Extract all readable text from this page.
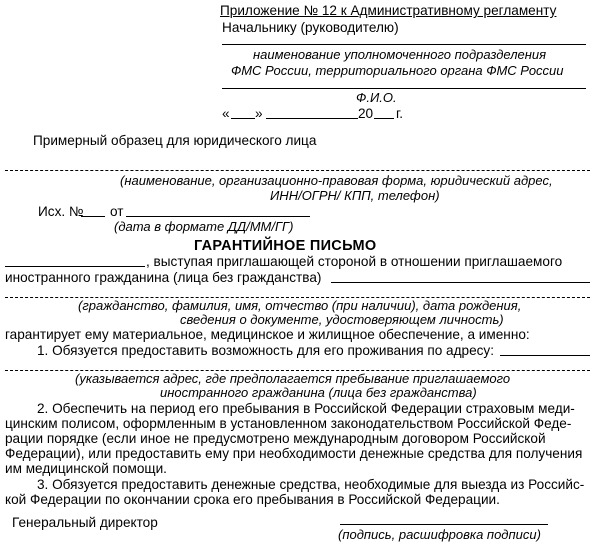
Приложение № 12 к Административному регламенту
Начальнику (руководителю)
наименование уполномоченного подразделения
ФМС России, территориального органа ФМС России
Ф.И.О.
« »	20 г.
Примерный образец для юридического лица
(наименование, организационно-правовая форма, юридический адрес,
ИНН/ОГРН/ КПП, телефон)
Исх. № от
(дата в формате ДД/ММ/ГГ)
ГАРАНТИЙНОЕ ПИСЬМО
, выступая приглашающей стороной в отношении приглашаемого
иностранного гражданина (лица без гражданства)
(гражданство, фамилия, имя, отчество (при наличии), дата рождения,
сведения о документе, удостоверяющем личность)
гарантирует ему материальное, медицинское и жилищное обеспечение, а именно:
1. Обязуется предоставить возможность для его проживания по адресу:
(указывается адрес, где предполагается пребывание приглашаемого
иностранного гражданина (лица без гражданства)
2. Обеспечить на период его пребывания в Российской Федерации страховым меди-
цинским полисом, оформленным в установленном законодательством Российской Феде-
рации порядке (если иное не предусмотрено международным договором Российской
Федерации), или предоставить ему при необходимости денежные средства для получения
им медицинской помощи.
3. Обязуется предоставить денежные средства, необходимые для выезда из Российс-
кой Федерации по окончании срока его пребывания в Российской Федерации.
Генеральный директор
(подпись, расшифровка подписи)
